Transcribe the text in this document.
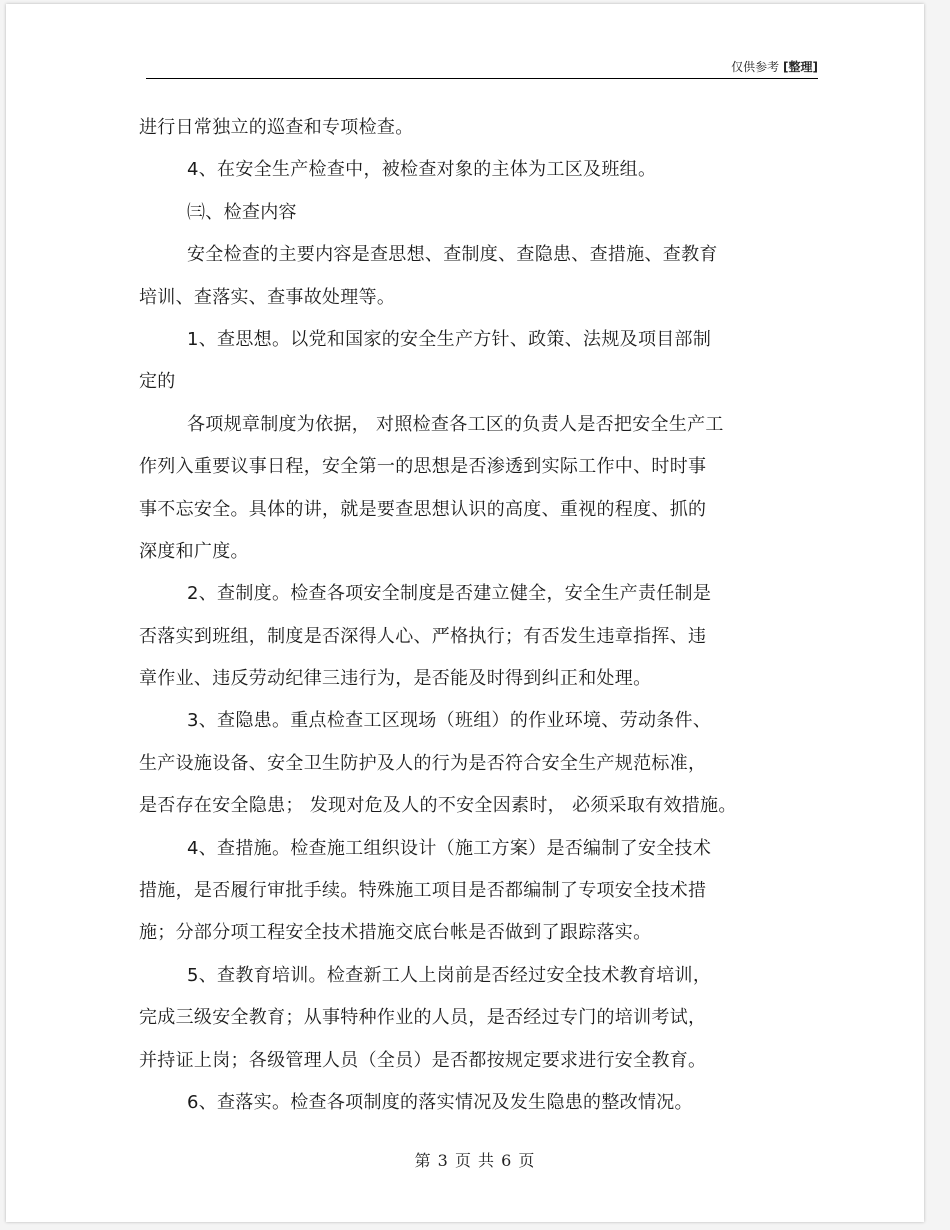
仅供参考 [整理]
进行日常独立的巡查和专项检查。
4、在安全生产检查中，被检查对象的主体为工区及班组。
㈢、检查内容
安全检查的主要内容是查思想、查制度、查隐患、查措施、查教育
培训、查落实、查事故处理等。
1、查思想。以党和国家的安全生产方针、政策、法规及项目部制
定的
各项规章制度为依据， 对照检查各工区的负责人是否把安全生产工
作列入重要议事日程，安全第一的思想是否渗透到实际工作中、时时事
事不忘安全。具体的讲，就是要查思想认识的高度、重视的程度、抓的
深度和广度。
2、查制度。检查各项安全制度是否建立健全，安全生产责任制是
否落实到班组，制度是否深得人心、严格执行；有否发生违章指挥、违
章作业、违反劳动纪律三违行为，是否能及时得到纠正和处理。
3、查隐患。重点检查工区现场（班组）的作业环境、劳动条件、
生产设施设备、安全卫生防护及人的行为是否符合安全生产规范标准，
是否存在安全隐患； 发现对危及人的不安全因素时， 必须采取有效措施。
4、查措施。检查施工组织设计（施工方案）是否编制了安全技术
措施，是否履行审批手续。特殊施工项目是否都编制了专项安全技术措
施；分部分项工程安全技术措施交底台帐是否做到了跟踪落实。
5、查教育培训。检查新工人上岗前是否经过安全技术教育培训，
完成三级安全教育；从事特种作业的人员，是否经过专门的培训考试，
并持证上岗；各级管理人员（全员）是否都按规定要求进行安全教育。
6、查落实。检查各项制度的落实情况及发生隐患的整改情况。
第 3 页 共 6 页
